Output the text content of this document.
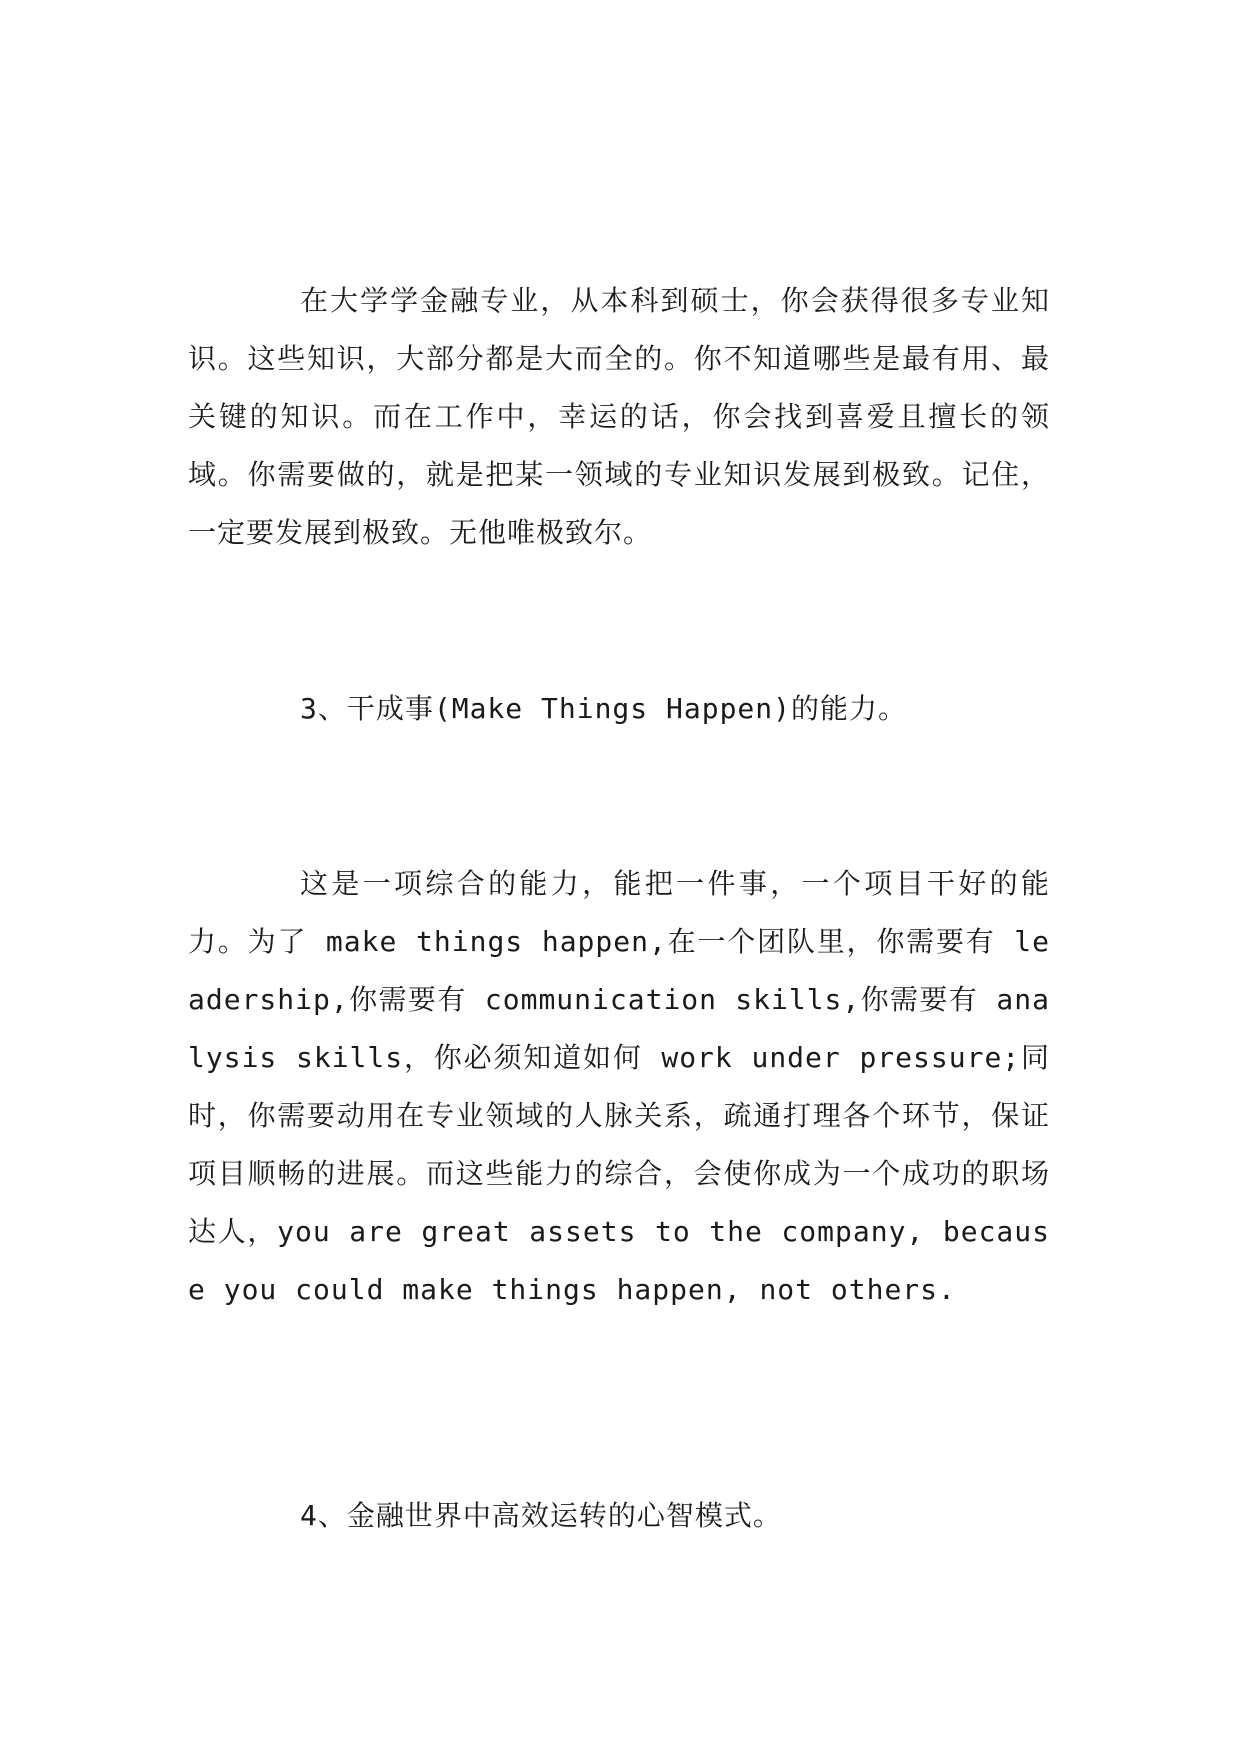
在大学学金融专业，从本科到硕士，你会获得很多专业知识。这些知识，大部分都是大而全的。你不知道哪些是最有用、最关键的知识。而在工作中，幸运的话，你会找到喜爱且擅长的领域。你需要做的，就是把某一领域的专业知识发展到极致。记住，一定要发展到极致。无他唯极致尔。

3、干成事(Make Things Happen)的能力。

这是一项综合的能力，能把一件事，一个项目干好的能力。为了 make things happen,在一个团队里，你需要有 leadership,你需要有 communication skills,你需要有 analysis skills，你必须知道如何 work under pressure;同时，你需要动用在专业领域的人脉关系，疏通打理各个环节，保证项目顺畅的进展。而这些能力的综合，会使你成为一个成功的职场达人，you are great assets to the company, because you could make things happen, not others.

4、金融世界中高效运转的心智模式。
